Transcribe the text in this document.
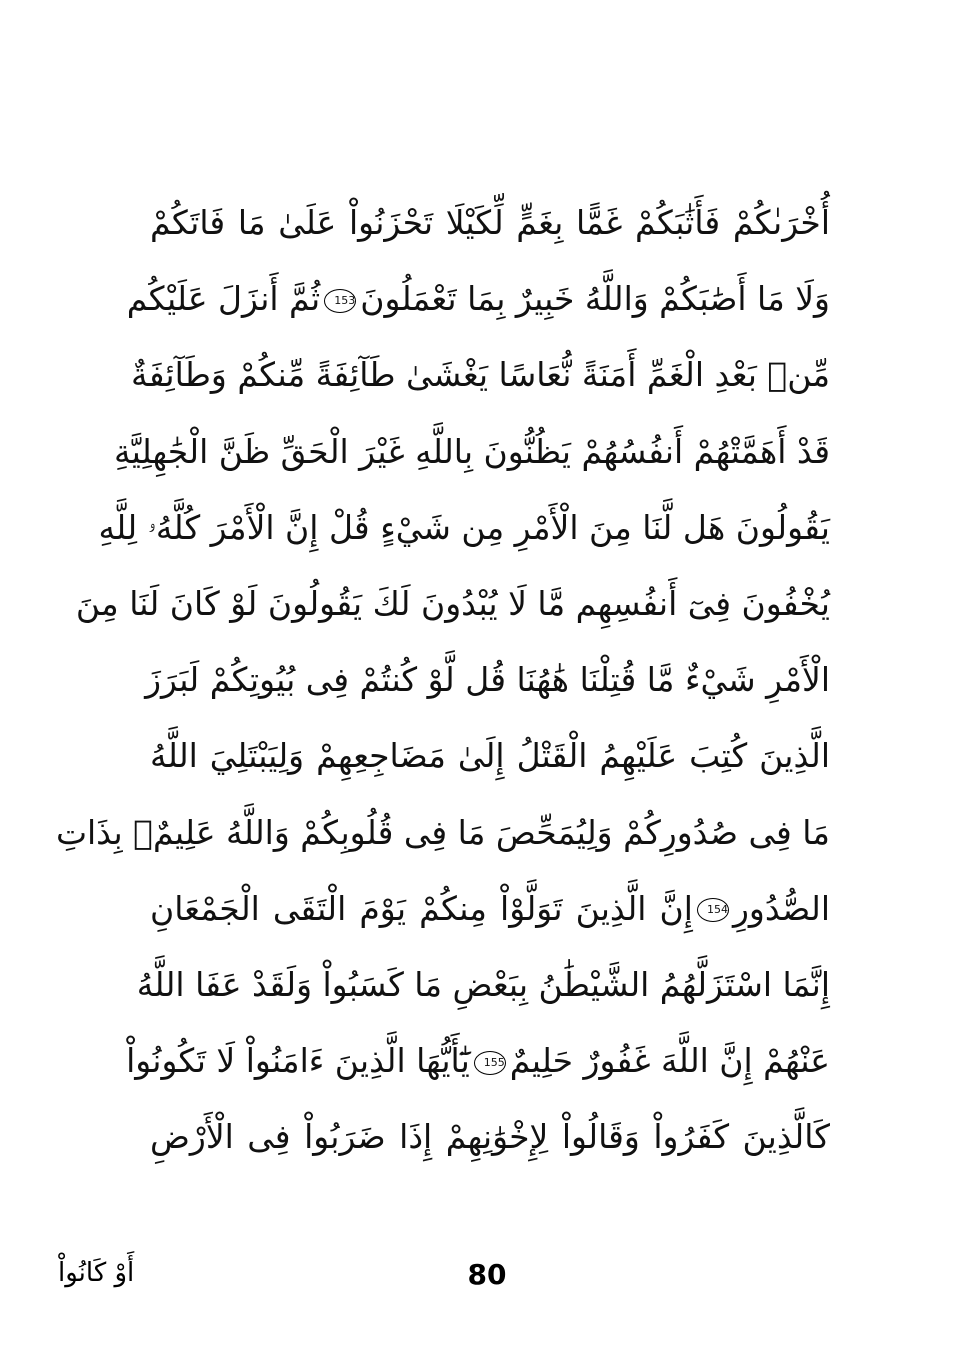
أُخْرَىٰكُمْ فَأَثَٰبَكُمْ غَمًّا بِغَمٍّ لِّكَيْلَا تَحْزَنُواْ عَلَىٰ مَا فَاتَكُمْ
وَلَا مَا أَصَٰبَكُمْ وَاللَّهُ خَبِيرٌ بِمَا تَعْمَلُونَ153ثُمَّ أَنزَلَ عَلَيْكُم
مِّنۢ بَعْدِ الْغَمِّ أَمَنَةً نُّعَاسًا يَغْشَىٰ طَآئِفَةً مِّنكُمْ وَطَآئِفَةٌ
قَدْ أَهَمَّتْهُمْ أَنفُسُهُمْ يَظُنُّونَ بِاللَّهِ غَيْرَ الْحَقِّ ظَنَّ الْجَٰهِلِيَّةِ
يَقُولُونَ هَل لَّنَا مِنَ الْأَمْرِ مِن شَيْءٍ قُلْ إِنَّ الْأَمْرَ كُلَّهُۥ لِلَّهِ
يُخْفُونَ فِىٓ أَنفُسِهِم مَّا لَا يُبْدُونَ لَكَ يَقُولُونَ لَوْ كَانَ لَنَا مِنَ
الْأَمْرِ شَيْءٌ مَّا قُتِلْنَا هَٰهُنَا قُل لَّوْ كُنتُمْ فِى بُيُوتِكُمْ لَبَرَزَ
الَّذِينَ كُتِبَ عَلَيْهِمُ الْقَتْلُ إِلَىٰ مَضَاجِعِهِمْ وَلِيَبْتَلِيَ اللَّهُ
مَا فِى صُدُورِكُمْ وَلِيُمَحِّصَ مَا فِى قُلُوبِكُمْ وَاللَّهُ عَلِيمٌۢ بِذَاتِ
الصُّدُورِ154إِنَّ الَّذِينَ تَوَلَّوْاْ مِنكُمْ يَوْمَ الْتَقَى الْجَمْعَانِ
إِنَّمَا اسْتَزَلَّهُمُ الشَّيْطَٰنُ بِبَعْضِ مَا كَسَبُواْ وَلَقَدْ عَفَا اللَّهُ
عَنْهُمْ إِنَّ اللَّهَ غَفُورٌ حَلِيمٌ155يَٰٓأَيُّهَا الَّذِينَ ءَامَنُواْ لَا تَكُونُواْ
كَالَّذِينَ كَفَرُواْ وَقَالُواْ لِإِخْوَٰنِهِمْ إِذَا ضَرَبُواْ فِى الْأَرْضِ
أَوْ كَانُواْ	80
